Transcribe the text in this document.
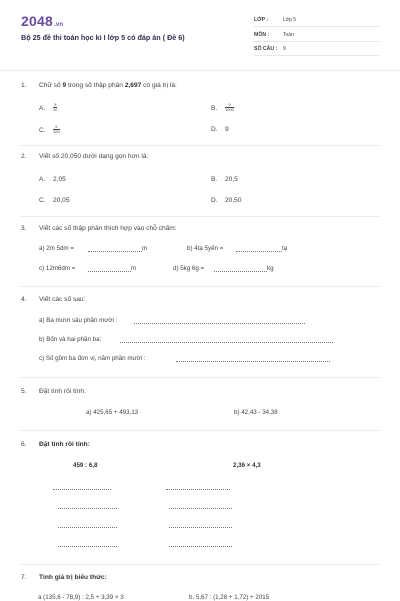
2048.vn
Bộ 25 đề thi toán học kì I lớp 5 có đáp án ( Đề 6)
LỚP :	Lớp 5
MÔN :	Toán
SỐ CÂU : 9
1. Chữ số 9 trong số thập phân 2,697 có giá trị là:
A. $\frac{9}{10}$	B. $\frac{9}{1000}$
C. $\frac{9}{100}$	D. 9
2. Viết số 20,050 dưới dạng gọn hơn là:
A. 2,05	B. 20,5
C. 20,05	D. 20,50
3. Viết các số thập phân thích hợp vào chỗ chấm:
a) 2m 5dm =	m	b) 4tạ 5yến =	tạ
c) 12m6dm =	m	d) 5kg 6g =	kg
4. Viết các số sau:
a) Ba mươi sáu phần mười :
b) Bốn và hai phần ba:
c) Số gồm ba đơn vị, năm phần mười :
5. Đặt tính rồi tính:
a) 425,65 + 493,13	b) 42,43 - 34,38
6. Đặt tính rồi tính:
459 : 6,8	2,36 × 4,3
7. Tính giá trị biểu thức:
a (135,6 - 78,9) : 2,5 + 3,39 × 3	b. 5,67 : (1,28 + 1,72) + 2015
